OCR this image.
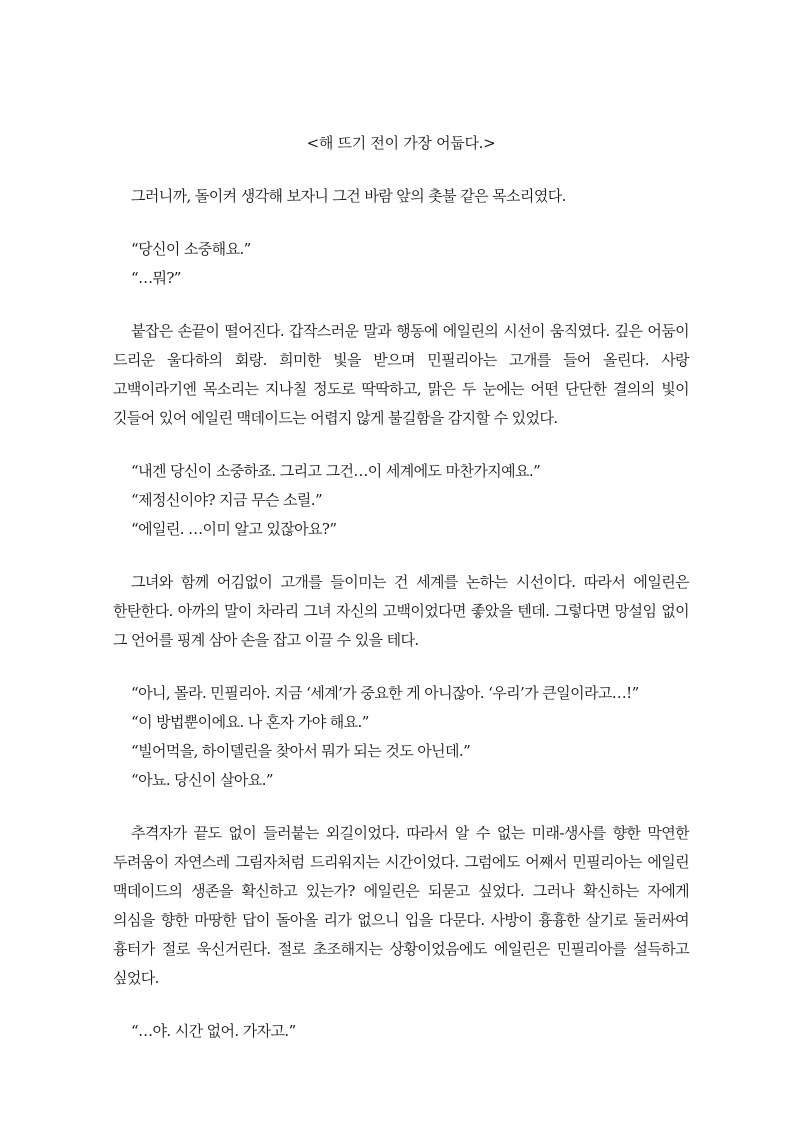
<해 뜨기 전이 가장 어둡다.>

그러니까, 돌이켜 생각해 보자니 그건 바람 앞의 촛불 같은 목소리였다.

“당신이 소중해요.”
“…뭐?”

붙잡은 손끝이 떨어진다. 갑작스러운 말과 행동에 에일린의 시선이 움직였다. 깊은 어둠이 드리운 울다하의 회랑. 희미한 빛을 받으며 민필리아는 고개를 들어 올린다. 사랑 고백이라기엔 목소리는 지나칠 정도로 딱딱하고, 맑은 두 눈에는 어떤 단단한 결의의 빛이 깃들어 있어 에일린 맥데이드는 어렵지 않게 불길함을 감지할 수 있었다.

“내겐 당신이 소중하죠. 그리고 그건…이 세계에도 마찬가지예요.”
“제정신이야? 지금 무슨 소릴.”
“에일린. …이미 알고 있잖아요?”

그녀와 함께 어김없이 고개를 들이미는 건 세계를 논하는 시선이다. 따라서 에일린은 한탄한다. 아까의 말이 차라리 그녀 자신의 고백이었다면 좋았을 텐데. 그렇다면 망설임 없이 그 언어를 핑계 삼아 손을 잡고 이끌 수 있을 테다.

“아니, 몰라. 민필리아. 지금 ‘세계’가 중요한 게 아니잖아. ‘우리’가 큰일이라고…!”
“이 방법뿐이에요. 나 혼자 가야 해요.”
“빌어먹을, 하이델린을 찾아서 뭐가 되는 것도 아닌데.”
“아뇨. 당신이 살아요.”

추격자가 끝도 없이 들러붙는 외길이었다. 따라서 알 수 없는 미래-생사를 향한 막연한 두려움이 자연스레 그림자처럼 드리워지는 시간이었다. 그럼에도 어째서 민필리아는 에일린 맥데이드의 생존을 확신하고 있는가? 에일린은 되묻고 싶었다. 그러나 확신하는 자에게 의심을 향한 마땅한 답이 돌아올 리가 없으니 입을 다문다. 사방이 흉흉한 살기로 둘러싸여 흉터가 절로 욱신거린다. 절로 초조해지는 상황이었음에도 에일린은 민필리아를 설득하고 싶었다.

“…야. 시간 없어. 가자고.”
